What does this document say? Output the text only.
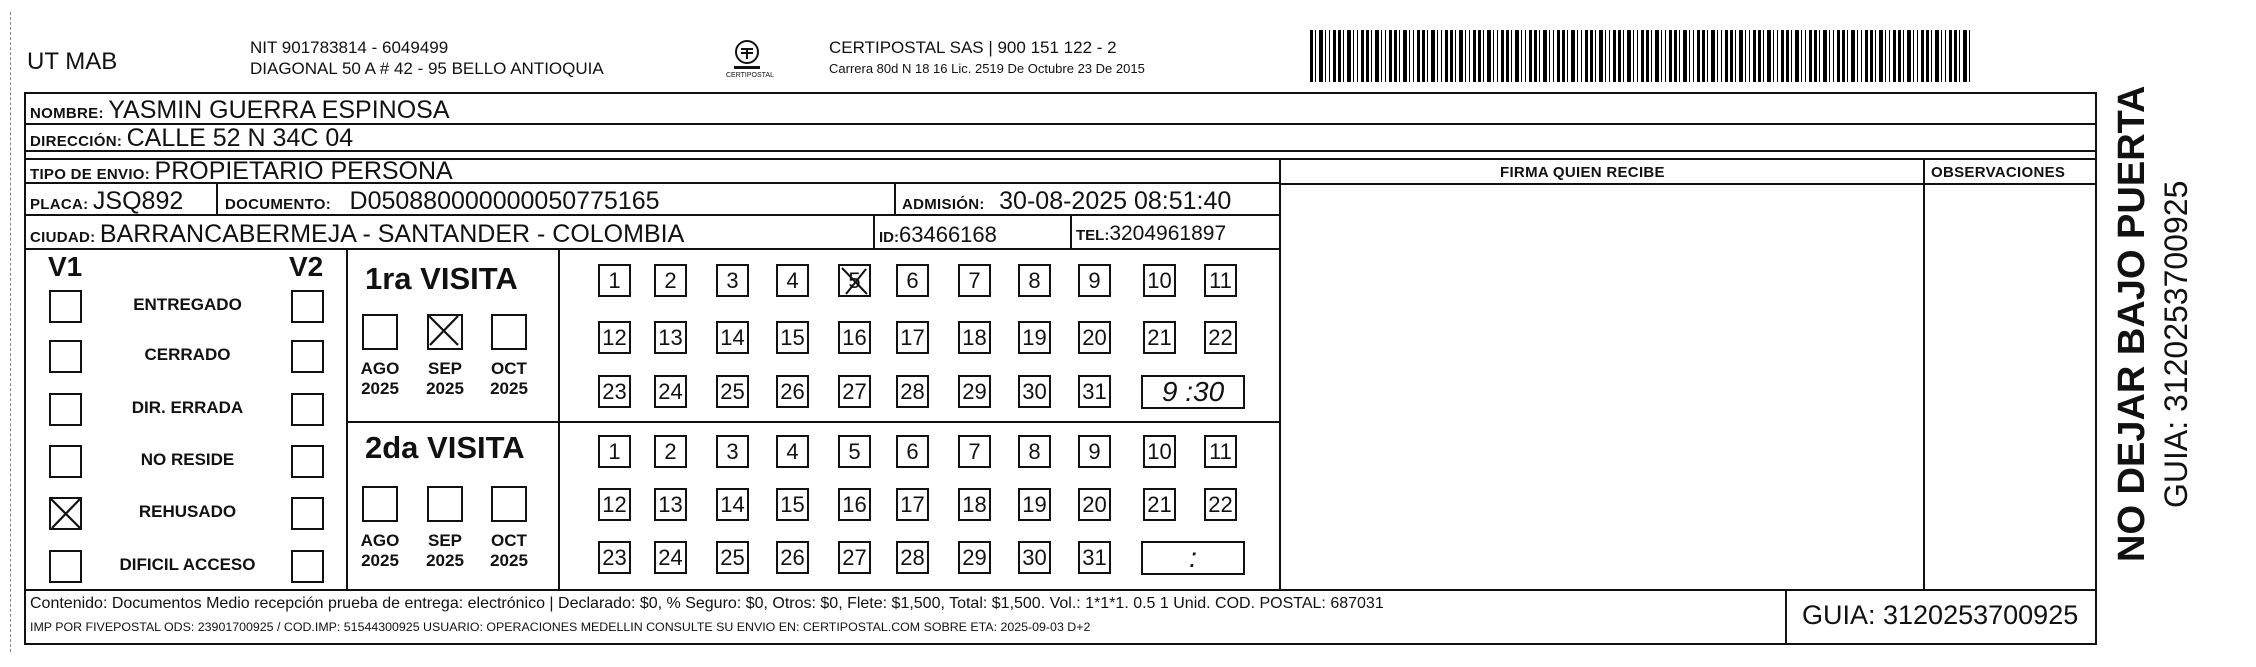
UT MAB
NIT 901783814 - 6049499
DIAGONAL 50 A # 42 - 95 BELLO ANTIOQUIA	CERTIPOSTAL
CERTIPOSTAL SAS | 900 151 122 - 2
Carrera 80d N 18 16 Lic. 2519 De Octubre 23 De 2015
NOMBRE: YASMIN GUERRA ESPINOSA
DIRECCIÓN: CALLE 52 N 34C 04
TIPO DE ENVIO: PROPIETARIO PERSONA	FIRMA QUIEN RECIBE	OBSERVACIONES
PLACA: JSQ892	DOCUMENTO: D050880000000050775165	ADMISIÓN: 30-08-2025 08:51:40
CIUDAD: BARRANCABERMEJA - SANTANDER - COLOMBIA	ID:63466168	TEL:3204961897
V1	V2 1ra VISITA
2da VISITA
Contenido: Documentos Medio recepción prueba de entrega: electrónico | Declarado: $0, % Seguro: $0, Otros: $0, Flete: $1,500, Total: $1,500. Vol.: 1*1*1. 0.5 1 Unid. COD. POSTAL: 687031
IMP POR FIVEPOSTAL ODS: 23901700925 / COD.IMP: 51544300925 USUARIO: OPERACIONES MEDELLIN CONSULTE SU ENVIO EN: CERTIPOSTAL.COM SOBRE ETA: 2025-09-03 D+2	GUIA: 3120253700925
NO DEJAR BAJO PUERTA GUIA: 3120253700925
ENTREGADO
CERRADO
DIR. ERRADA
NO RESIDE
REHUSADO
DIFICIL ACCESO
AGO
2025
SEP
2025
OCT
2025
AGO
2025
SEP
2025
OCT
2025
1	2	3	4	5	6	7	8	9	10 11
12 13 14 15 16 17 18 19 20 21 22
23 24 25 26 27 28 29 30 31	9 :30
1	2	3	4	5	6	7	8	9	10 11
12 13 14 15 16 17 18 19 20 21 22
23 24 25 26 27 28 29 30 31	:
